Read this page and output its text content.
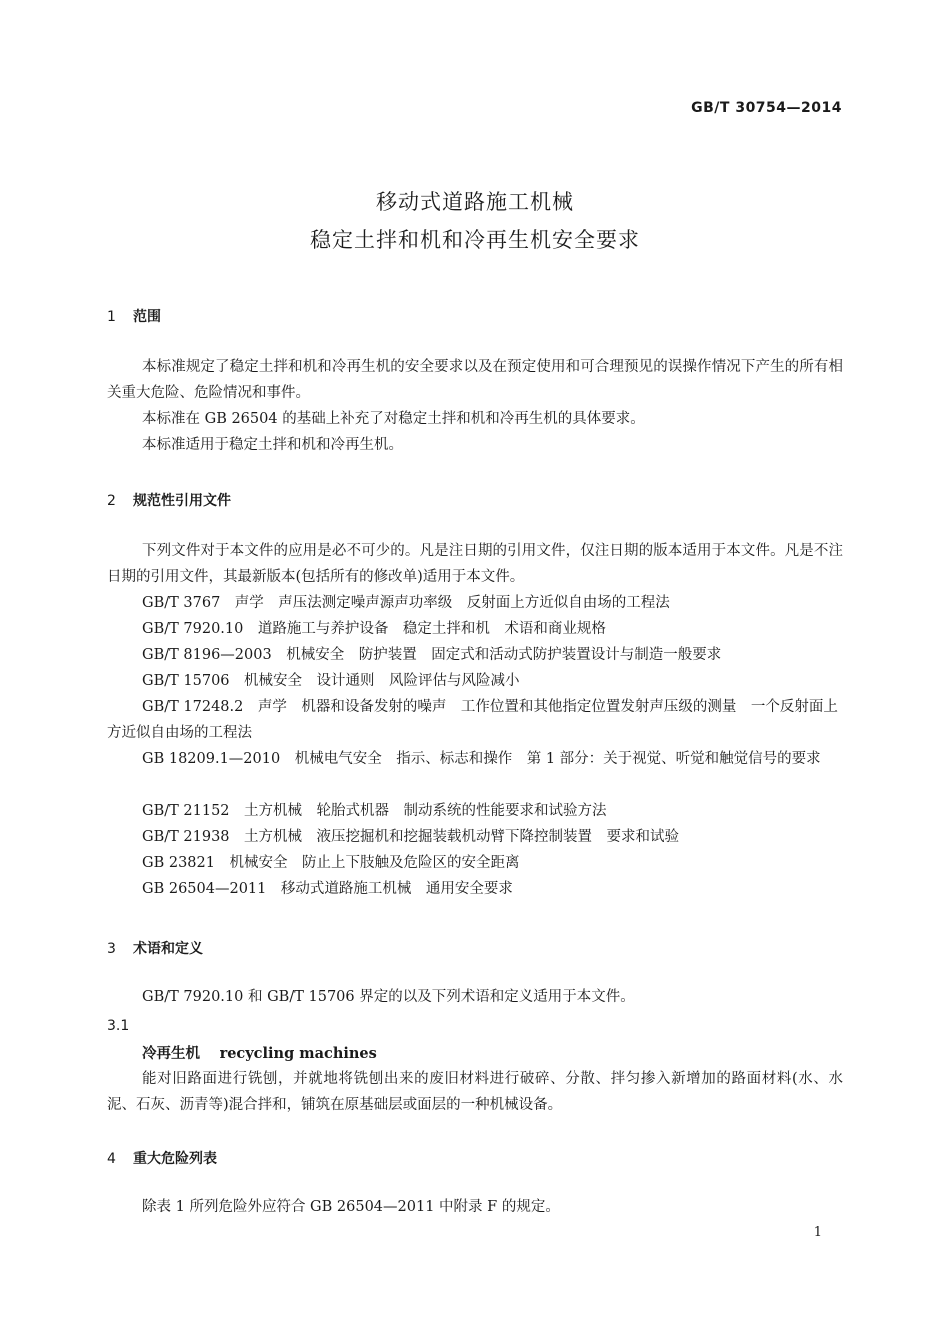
GB/T 30754—2014
移动式道路施工机械
稳定土拌和机和冷再生机安全要求
1 范围
本标准规定了稳定土拌和机和冷再生机的安全要求以及在预定使用和可合理预见的误操作情况下产生的所有相关重大危险、危险情况和事件。
本标准在 GB 26504 的基础上补充了对稳定土拌和机和冷再生机的具体要求。
本标准适用于稳定土拌和机和冷再生机。
2 规范性引用文件
下列文件对于本文件的应用是必不可少的。凡是注日期的引用文件，仅注日期的版本适用于本文件。凡是不注日期的引用文件，其最新版本(包括所有的修改单)适用于本文件。
GB/T 3767　声学　声压法测定噪声源声功率级　反射面上方近似自由场的工程法
GB/T 7920.10　道路施工与养护设备　稳定土拌和机　术语和商业规格
GB/T 8196—2003　机械安全　防护装置　固定式和活动式防护装置设计与制造一般要求
GB/T 15706　机械安全　设计通则　风险评估与风险减小
GB/T 17248.2　声学　机器和设备发射的噪声　工作位置和其他指定位置发射声压级的测量　一个反射面上方近似自由场的工程法
GB 18209.1—2010　机械电气安全　指示、标志和操作　第 1 部分：关于视觉、听觉和触觉信号的要求
GB/T 21152　土方机械　轮胎式机器　制动系统的性能要求和试验方法
GB/T 21938　土方机械　液压挖掘机和挖掘装载机动臂下降控制装置　要求和试验
GB 23821　机械安全　防止上下肢触及危险区的安全距离
GB 26504—2011　移动式道路施工机械　通用安全要求
3 术语和定义
GB/T 7920.10 和 GB/T 15706 界定的以及下列术语和定义适用于本文件。
3.1
冷再生机　 recycling machines
能对旧路面进行铣刨，并就地将铣刨出来的废旧材料进行破碎、分散、拌匀掺入新增加的路面材料(水、水泥、石灰、沥青等)混合拌和，铺筑在原基础层或面层的一种机械设备。
4 重大危险列表
除表 1 所列危险外应符合 GB 26504—2011 中附录 F 的规定。
1
